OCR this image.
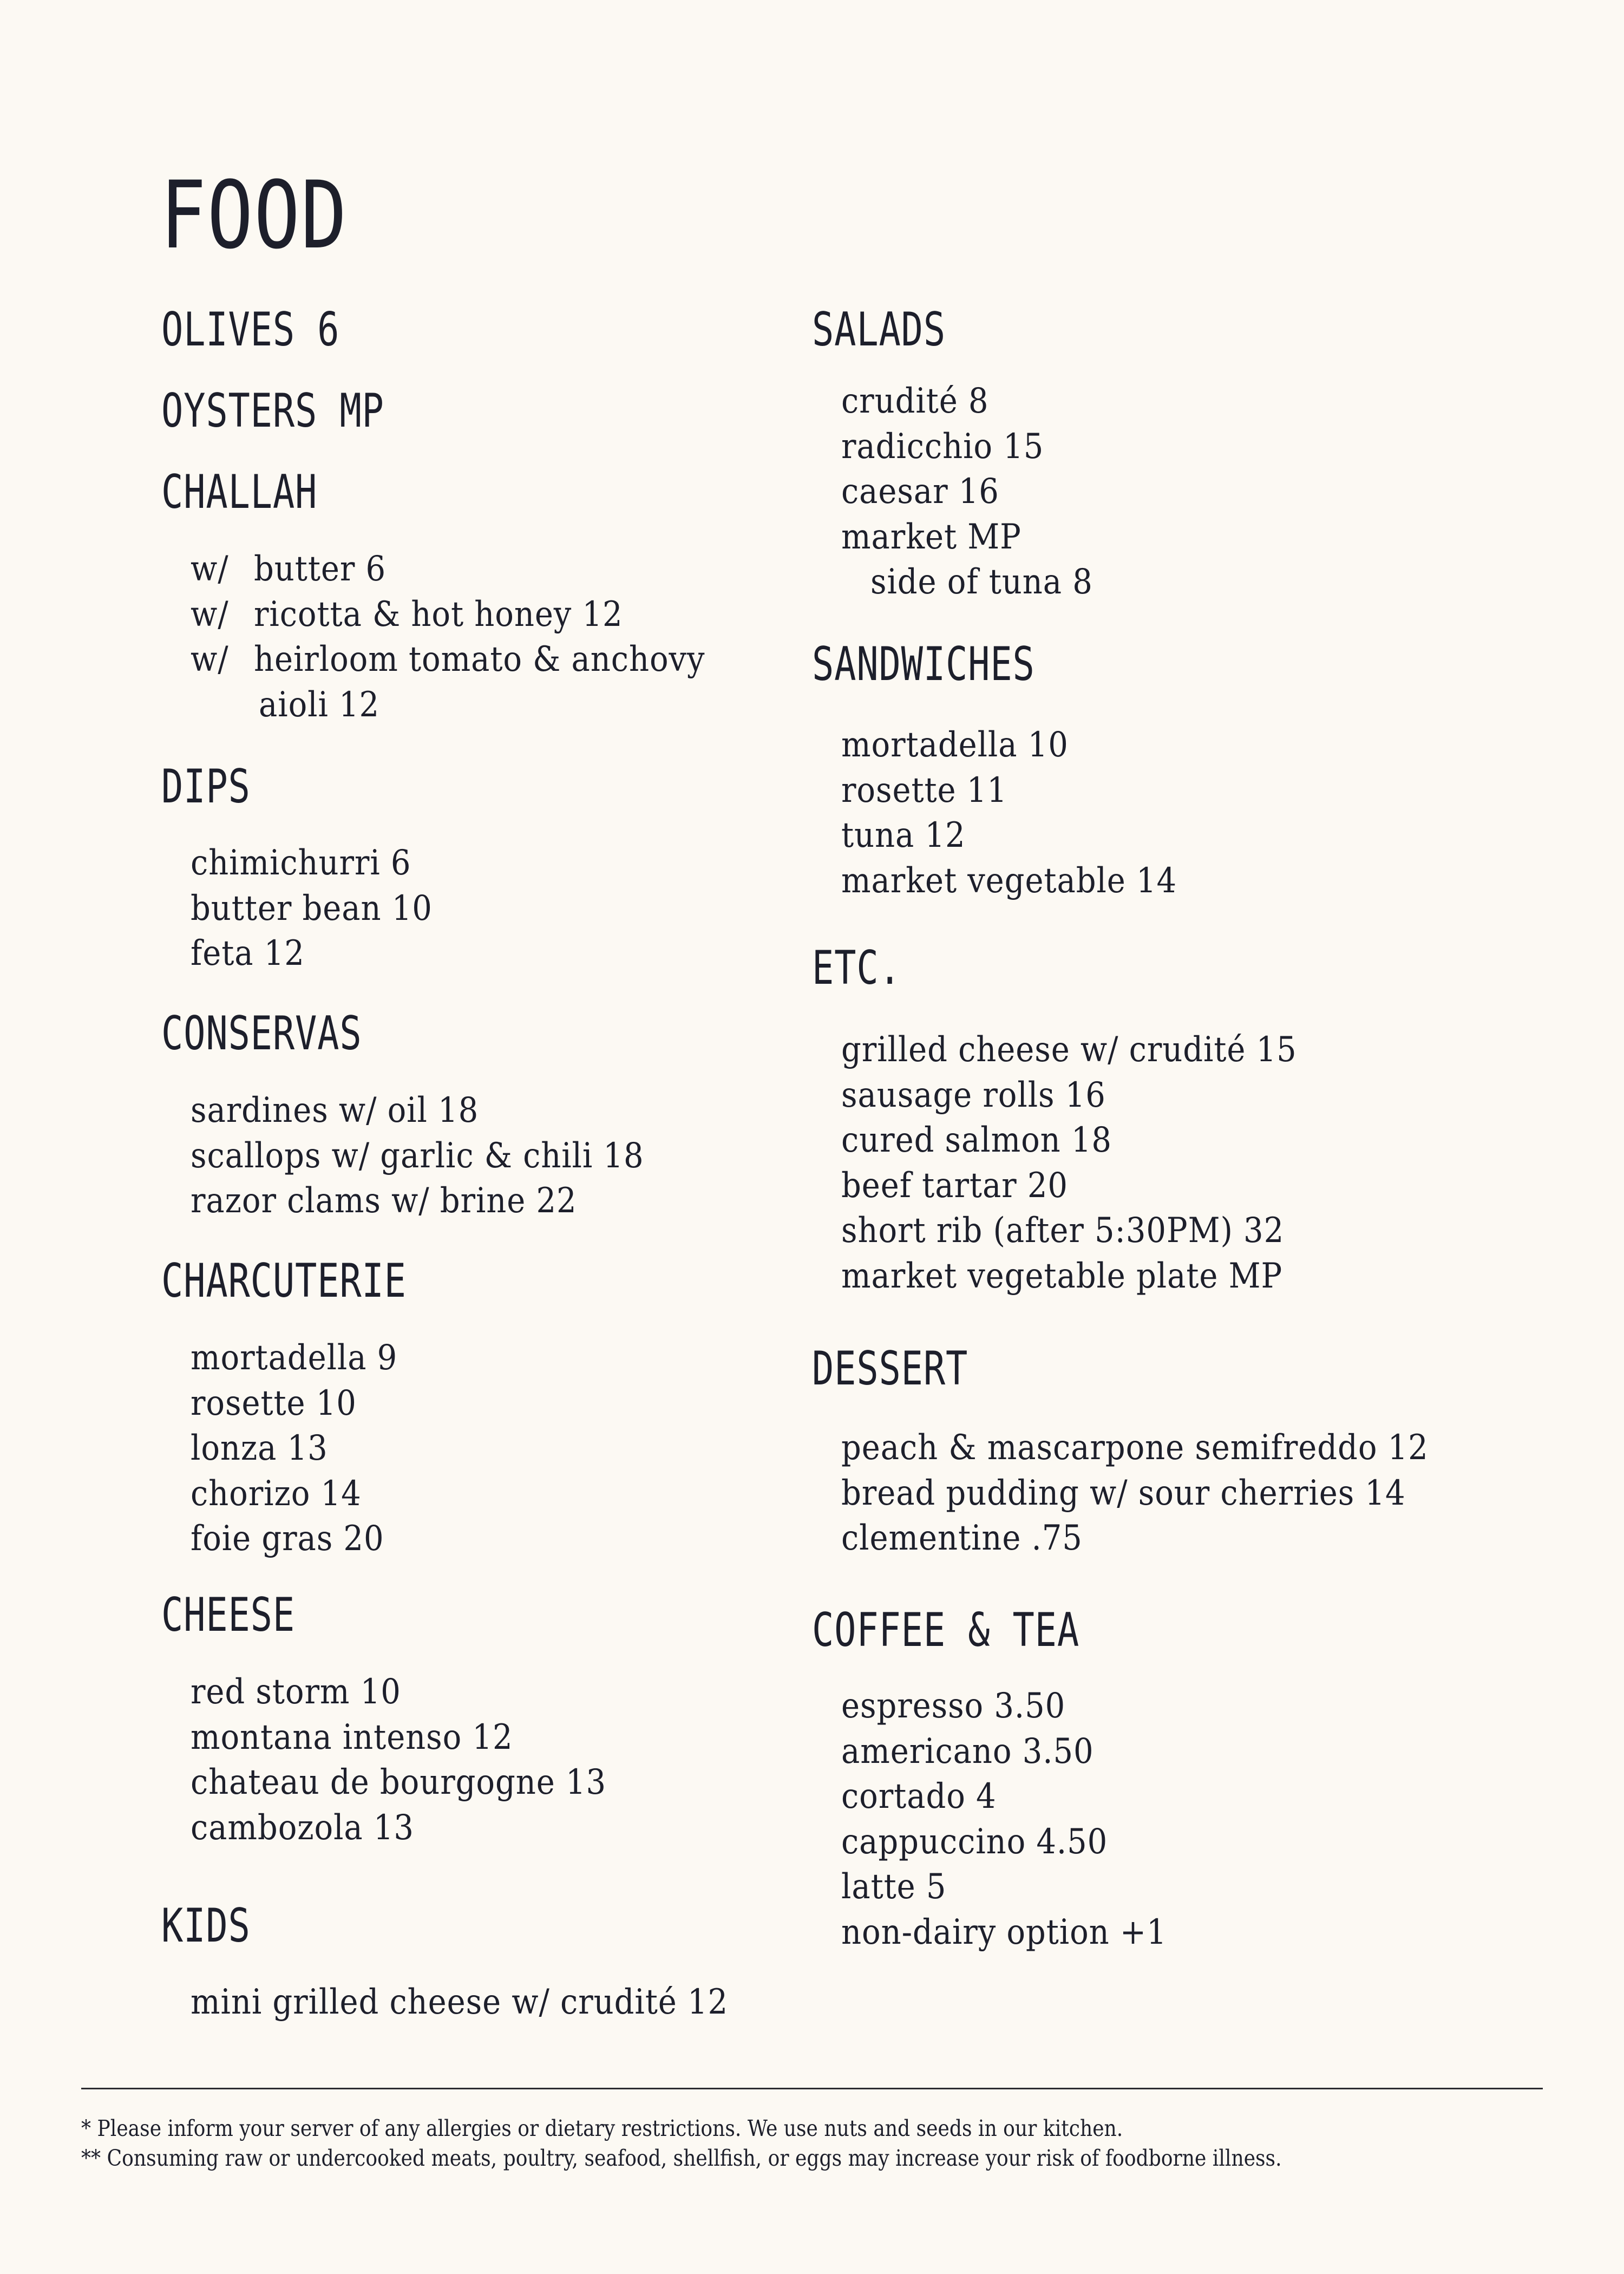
FOOD
OLIVES 6
OYSTERS MP
CHALLAH
w/ butter 6
w/ ricotta & hot honey 12
w/ heirloom tomato & anchovy
aioli 12
DIPS
chimichurri 6
butter bean 10
feta 12
CONSERVAS
sardines w/ oil 18
scallops w/ garlic & chili 18
razor clams w/ brine 22
CHARCUTERIE
mortadella 9
rosette 10
lonza 13
chorizo 14
foie gras 20
CHEESE
red storm 10
montana intenso 12
chateau de bourgogne 13
cambozola 13
KIDS
mini grilled cheese w/ crudité 12
SALADS
crudité 8
radicchio 15
caesar 16
market MP
side of tuna 8
SANDWICHES
mortadella 10
rosette 11
tuna 12
market vegetable 14
ETC.
grilled cheese w/ crudité 15
sausage rolls 16
cured salmon 18
beef tartar 20
short rib (after 5:30PM) 32
market vegetable plate MP
DESSERT
peach & mascarpone semifreddo 12
bread pudding w/ sour cherries 14
clementine .75
COFFEE & TEA
espresso 3.50
americano 3.50
cortado 4
cappuccino 4.50
latte 5
non-dairy option +1
* Please inform your server of any allergies or dietary restrictions. We use nuts and seeds in our kitchen.
** Consuming raw or undercooked meats, poultry, seafood, shellfish, or eggs may increase your risk of foodborne illness.
